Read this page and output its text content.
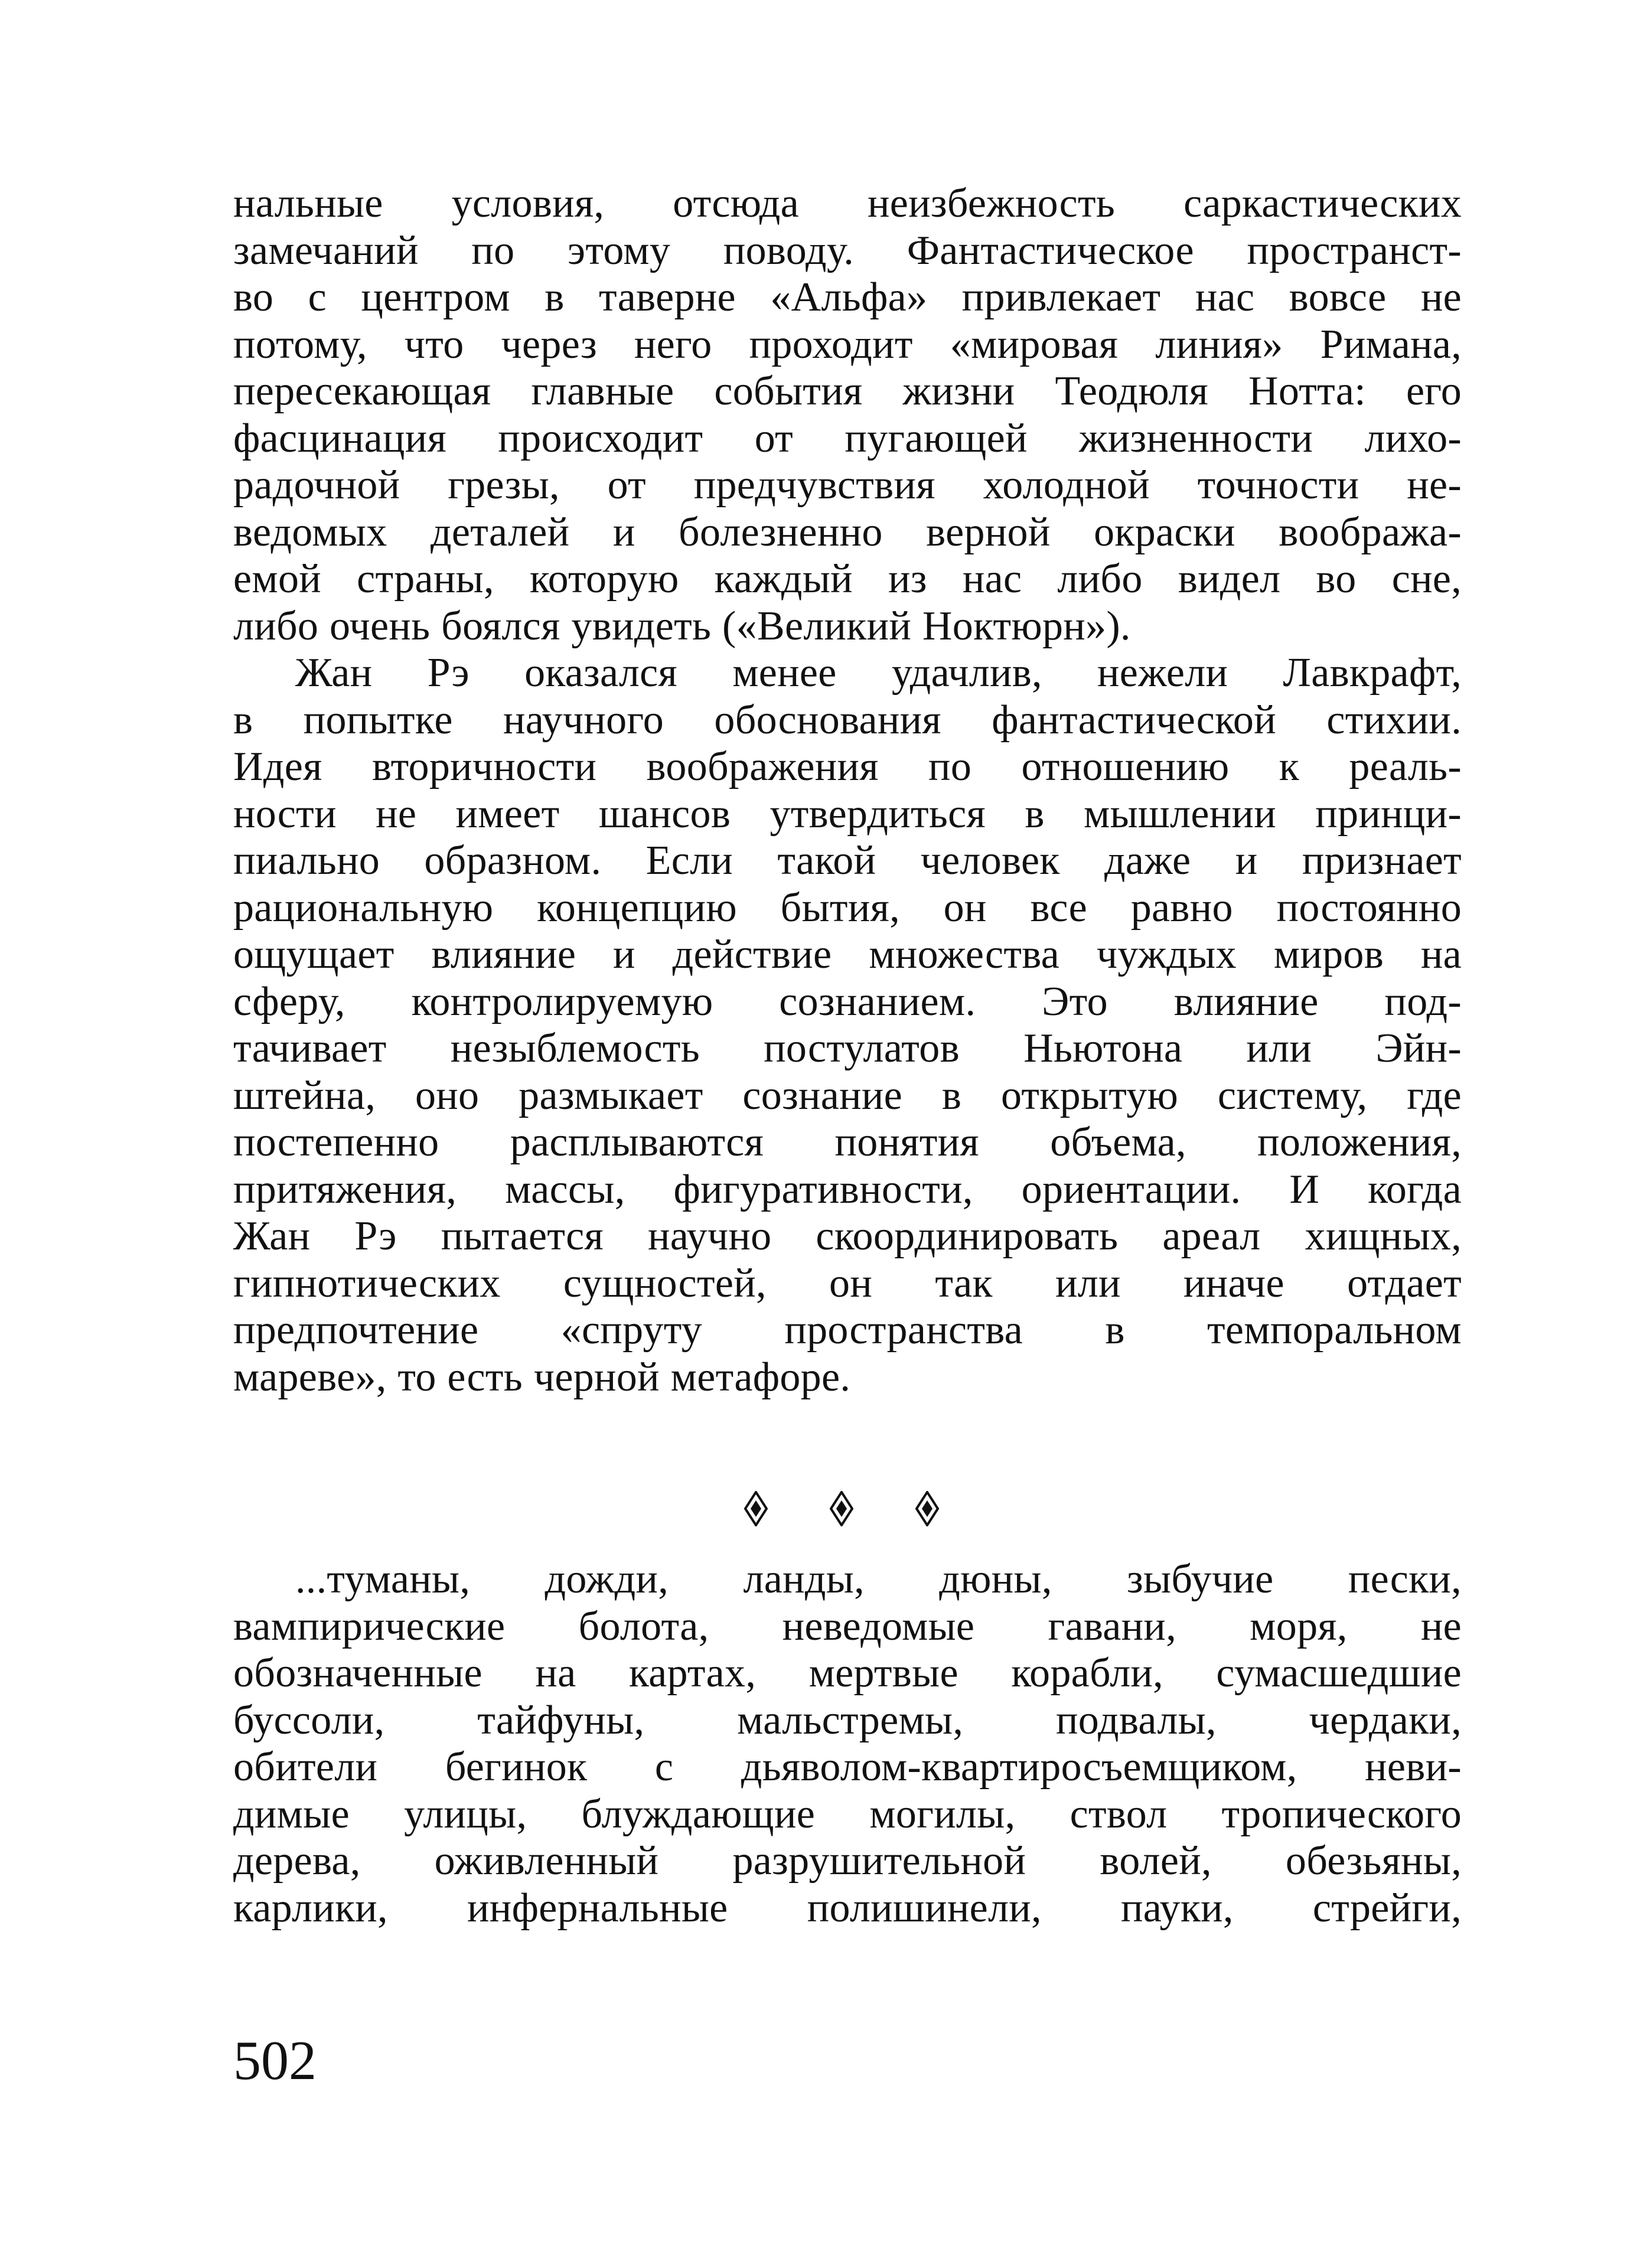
нальные условия, отсюда неизбежность саркастических
замечаний по этому поводу. Фантастическое пространст-
во с центром в таверне «Альфа» привлекает нас вовсе не
потому, что через него проходит «мировая линия» Римана,
пересекающая главные события жизни Теодюля Нотта: его
фасцинация происходит от пугающей жизненности лихо-
радочной грезы, от предчувствия холодной точности не-
ведомых деталей и болезненно верной окраски вообража-
емой страны, которую каждый из нас либо видел во сне,
либо очень боялся увидеть («Великий Ноктюрн»).
Жан Рэ оказался менее удачлив, нежели Лавкрафт,
в попытке научного обоснования фантастической стихии.
Идея вторичности воображения по отношению к реаль-
ности не имеет шансов утвердиться в мышлении принци-
пиально образном. Если такой человек даже и признает
рациональную концепцию бытия, он все равно постоянно
ощущает влияние и действие множества чуждых миров на
сферу, контролируемую сознанием. Это влияние под-
тачивает незыблемость постулатов Ньютона или Эйн-
штейна, оно размыкает сознание в открытую систему, где
постепенно расплываются понятия объема, положения,
притяжения, массы, фигуративности, ориентации. И когда
Жан Рэ пытается научно скоординировать ареал хищных,
гипнотических сущностей, он так или иначе отдает
предпочтение «спруту пространства в темпоральном
мареве», то есть черной метафоре.
...туманы, дожди, ланды, дюны, зыбучие пески,
вампирические болота, неведомые гавани, моря, не
обозначенные на картах, мертвые корабли, сумасшедшие
буссоли, тайфуны, мальстремы, подвалы, чердаки,
обители бегинок с дьяволом-квартиросъемщиком, неви-
димые улицы, блуждающие могилы, ствол тропического
дерева, оживленный разрушительной волей, обезьяны,
карлики, инфернальные полишинели, пауки, стрейги,
502
